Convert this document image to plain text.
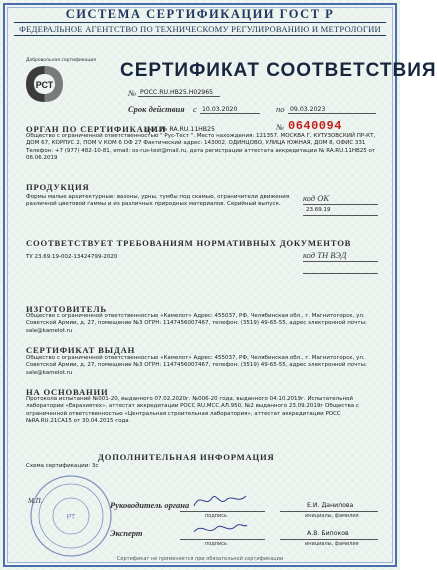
СИСТЕМА СЕРТИФИКАЦИИ ГОСТ Р
ФЕДЕРАЛЬНОЕ АГЕНТСТВО ПО ТЕХНИЧЕСКОМУ РЕГУЛИРОВАНИЮ И МЕТРОЛОГИИ
Добровольная сертификация
РСТ
СЕРТИФИКАТ СООТВЕТСТВИЯ
№ РОСС.RU.НВ25.Н02965
Срок действия с 10.03.2020	по 09.03.2023
ОРГАН ПО СЕРТИФИКАЦИИ
рег. № RA.RU.11НВ25	№ 0640094
Общество с ограниченной ответственностью " Рус-Тест ". Место нахождения: 121357, МОСКВА Г, КУТУЗОВСКИЙ ПР-КТ, ДОМ 67, КОРПУС 2, ПОМ V КОМ 6 ОФ 27 Фактический адрес: 143002, ОДИНЦОВО, УЛИЦА ЮЖНАЯ, ДОМ 8, ОФИС 331 Телефон: +7 (977) 482-10-81, email: os-rus-test@mail.ru, дата регистрации аттестата аккредитации № RA.RU.11НВ25 от 06.06.2019
ПРОДУКЦИЯ
Формы малые архитектурные: вазоны, урны, тумбы под скамью, ограничители движения различной цветовой гаммы и из различных природных материалов. Серийный выпуск.
код ОК
23.69.19
СООТВЕТСТВУЕТ ТРЕБОВАНИЯМ НОРМАТИВНЫХ ДОКУМЕНТОВ
ТУ 23.69.19-002-13424799-2020	код ТН ВЭД
ИЗГОТОВИТЕЛЬ
Общество с ограниченной ответственностью «Камелот» Адрес: 455037, РФ, Челябинская обл., г. Магнитогорск, ул. Советской Армии, д. 27, помещение №3 ОГРН: 1147456007467, телефон: (3519) 49-65-55, адрес электронной почты: sale@kamelot.ru
СЕРТИФИКАТ ВЫДАН
Общество с ограниченной ответственностью «Камелот» Адрес: 455037, РФ, Челябинская обл., г. Магнитогорск, ул. Советской Армии, д. 27, помещение №3 ОГРН: 1147456007467, телефон: (3519) 49-65-55, адрес электронной почты: sale@kamelot.ru
НА ОСНОВАНИИ
Протокола испытаний №001-20, выданного 07.02.2020г. №006-20 года, выданного 04.10.2019г. Испытательной лаборатории «Евразиятех», аттестат аккредитации РОСС RU.МСС.АЛ.950, №2 выданного 23.09.2019г Общества с ограниченной ответственностью «Центральная строительная лаборатория», аттестат аккредитации РОСС №RA.RU.21CA15 от 30.04.2015 года
ДОПОЛНИТЕЛЬНАЯ ИНФОРМАЦИЯ
Схема сертификации: 3с
РТ
М.П.	Руководитель органа
подпись
Е.И. Данилова
инициалы, фамилия
Эксперт
подпись
А.В. Бипоков
инициалы, фамилия
Сертификат не применяется при обязательной сертификации
